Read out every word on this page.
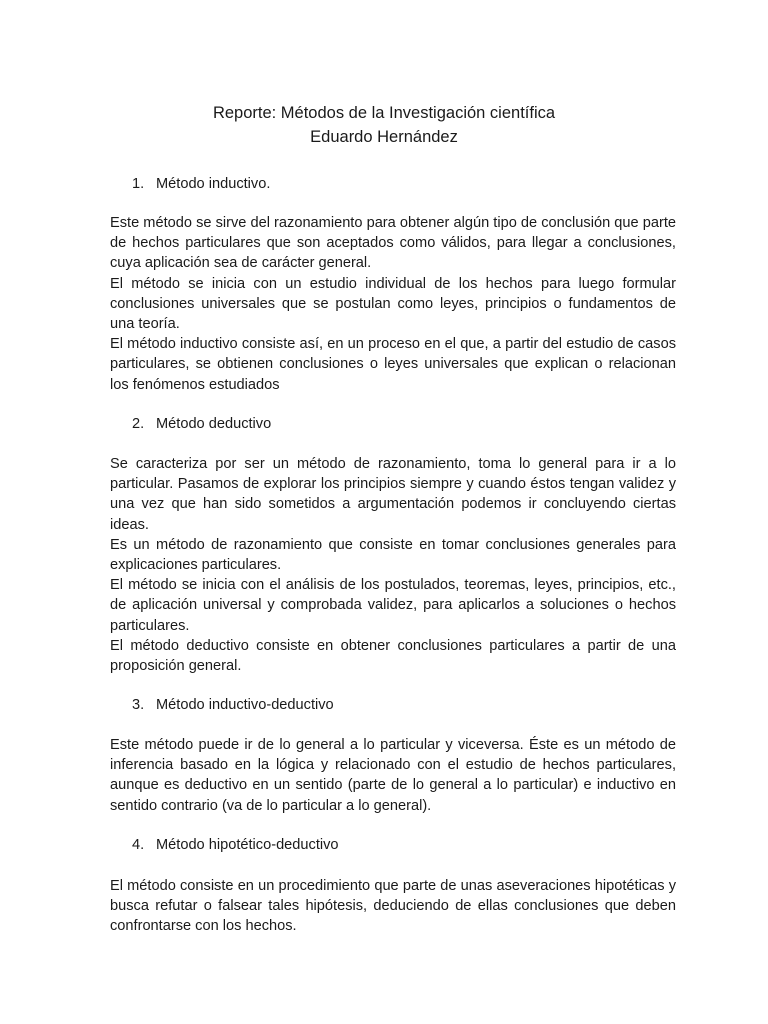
Reporte: Métodos de la Investigación científica
Eduardo Hernández
1. Método inductivo.

Este método se sirve del razonamiento para obtener algún tipo de conclusión que parte de hechos particulares que son aceptados como válidos, para llegar a conclusiones, cuya aplicación sea de carácter general.

El método se inicia con un estudio individual de los hechos para luego formular conclusiones universales que se postulan como leyes, principios o fundamentos de una teoría.

El método inductivo consiste así, en un proceso en el que, a partir del estudio de casos particulares, se obtienen conclusiones o leyes universales que explican o relacionan los fenómenos estudiados

2. Método deductivo

Se caracteriza por ser un método de razonamiento, toma lo general para ir a lo particular. Pasamos de explorar los principios siempre y cuando éstos tengan validez y una vez que han sido sometidos a argumentación podemos ir concluyendo ciertas ideas.

Es un método de razonamiento que consiste en tomar conclusiones generales para explicaciones particulares.

El método se inicia con el análisis de los postulados, teoremas, leyes, principios, etc., de aplicación universal y comprobada validez, para aplicarlos a soluciones o hechos particulares.

El método deductivo consiste en obtener conclusiones particulares a partir de una proposición general.

3. Método inductivo-deductivo

Este método puede ir de lo general a lo particular y viceversa. Éste es un método de inferencia basado en la lógica y relacionado con el estudio de hechos particulares, aunque es deductivo en un sentido (parte de lo general a lo particular) e inductivo en sentido contrario (va de lo particular a lo general).

4. Método hipotético-deductivo

El método consiste en un procedimiento que parte de unas aseveraciones hipotéticas y busca refutar o falsear tales hipótesis, deduciendo de ellas conclusiones que deben confrontarse con los hechos.
